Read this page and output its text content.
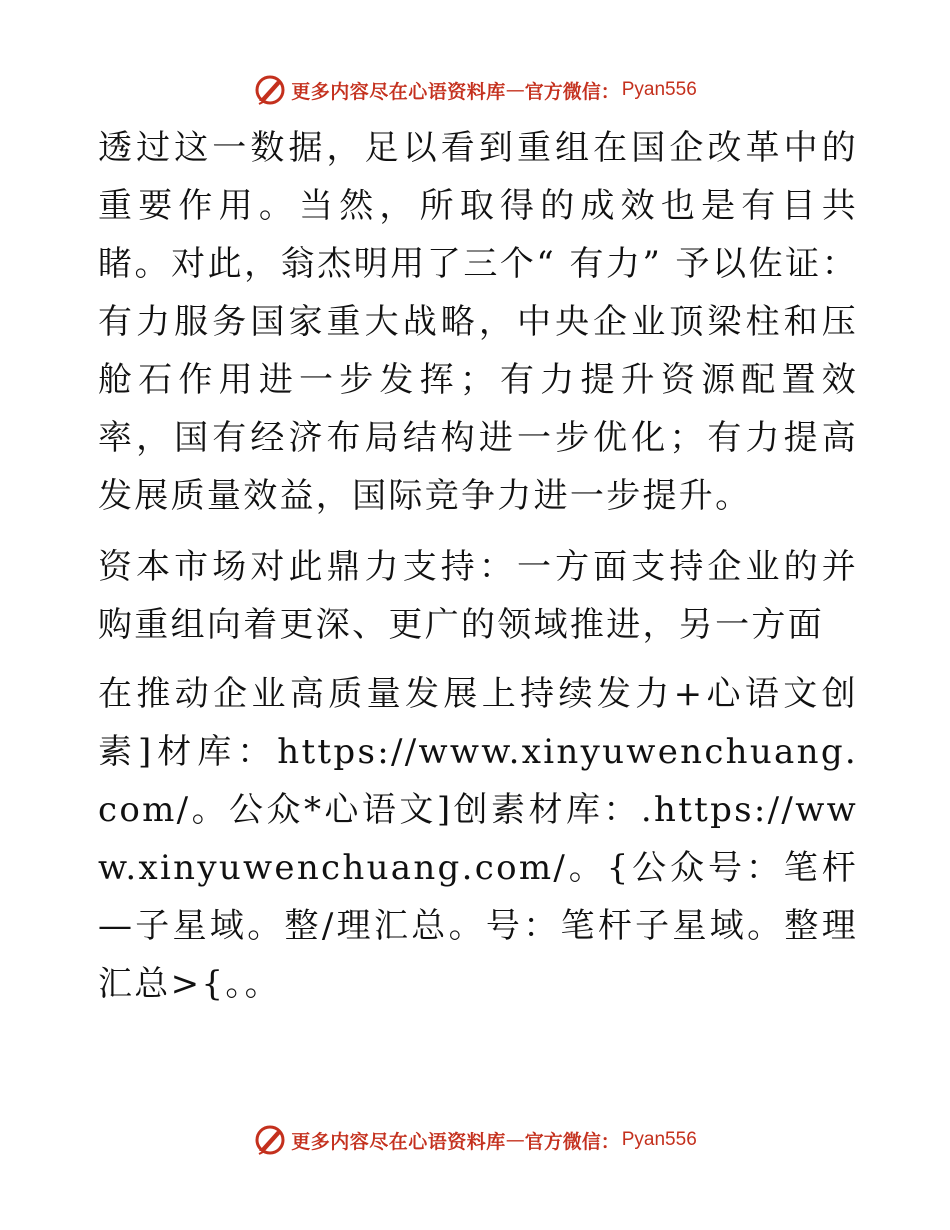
更多内容尽在心语资料库 — 官方微信： Pyan556

透过这一数据，足以看到重组在国企改革中的重要作用。当然，所取得的成效也是有目共睹。对此，翁杰明用了三个“ 有力” 予以佐证：有力服务国家重大战略，中央企业顶梁柱和压舱石作用进一步发挥；有力提升资源配置效率，国有经济布局结构进一步优化；有力提高发展质量效益，国际竞争力进一步提升。

资本市场对此鼎力支持：一方面支持企业的并购重组向着更深、更广的领域推进，另一方面

在推动企业高质量发展上持续发力+心语文创素]材库：https://www.xinyuwenchuang.com/。公众*心语文]创素材库：.https://www.xinyuwenchuang.com/。{公众号：笔杆—子星域。整/理汇总。号：笔杆子星域。整理汇总>{。。

更多内容尽在心语资料库 — 官方微信： Pyan556
